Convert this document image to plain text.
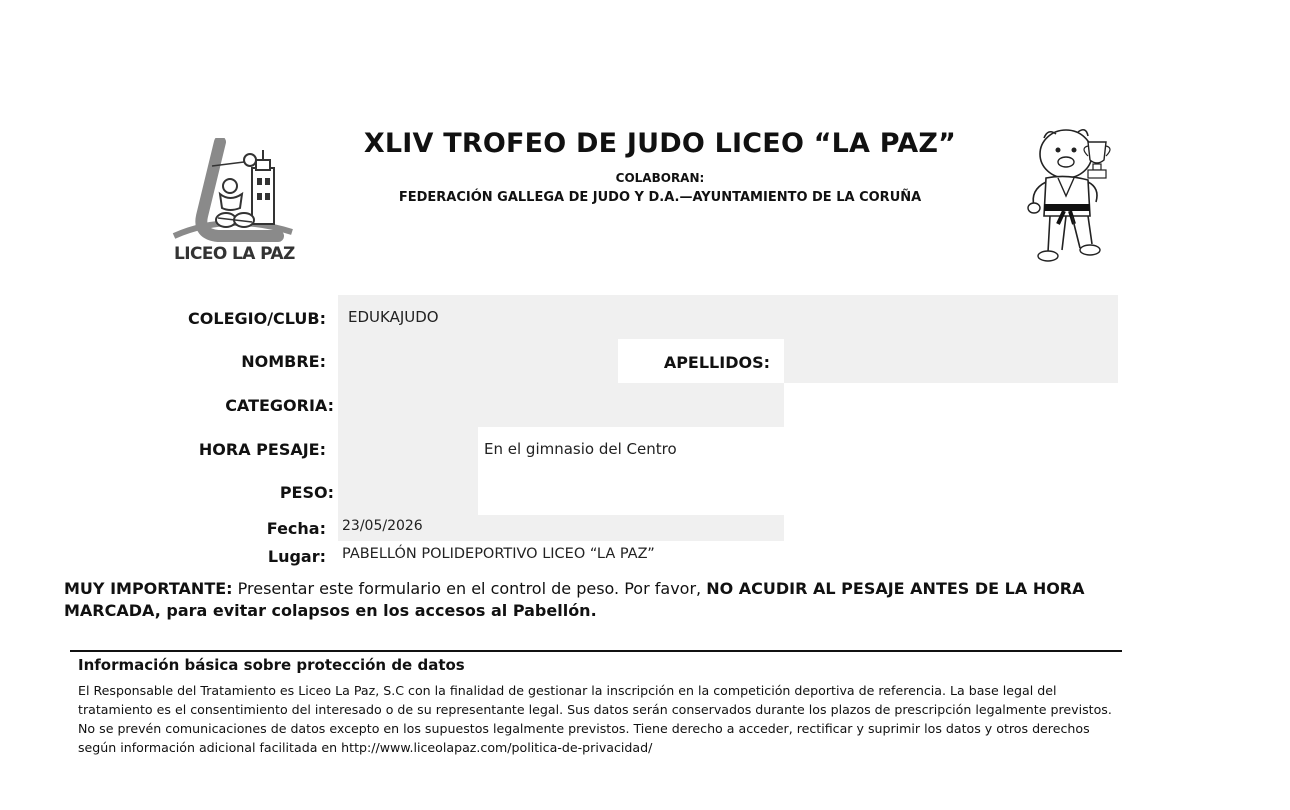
LICEO LA PAZ
XLIV TROFEO DE JUDO LICEO “LA PAZ”
COLABORAN:
FEDERACIÓN GALLEGA DE JUDO Y D.A.—AYUNTAMIENTO DE LA CORUÑA
COLEGIO/CLUB: EDUKAJUDO
NOMBRE:	APELLIDOS:
CATEGORIA:
HORA PESAJE:	En el gimnasio del Centro
PESO:
Fecha: 23/05/2026
Lugar: PABELLÓN POLIDEPORTIVO LICEO “LA PAZ”
MUY IMPORTANTE: Presentar este formulario en el control de peso. Por favor, NO ACUDIR AL PESAJE ANTES DE LA HORA MARCADA, para evitar colapsos en los accesos al Pabellón.
Información básica sobre protección de datos
El Responsable del Tratamiento es Liceo La Paz, S.C con la finalidad de gestionar la inscripción en la competición deportiva de referencia. La base legal del tratamiento es el consentimiento del interesado o de su representante legal. Sus datos serán conservados durante los plazos de prescripción legalmente previstos. No se prevén comunicaciones de datos excepto en los supuestos legalmente previstos. Tiene derecho a acceder, rectificar y suprimir los datos y otros derechos según información adicional facilitada en http://www.liceolapaz.com/politica-de-privacidad/
